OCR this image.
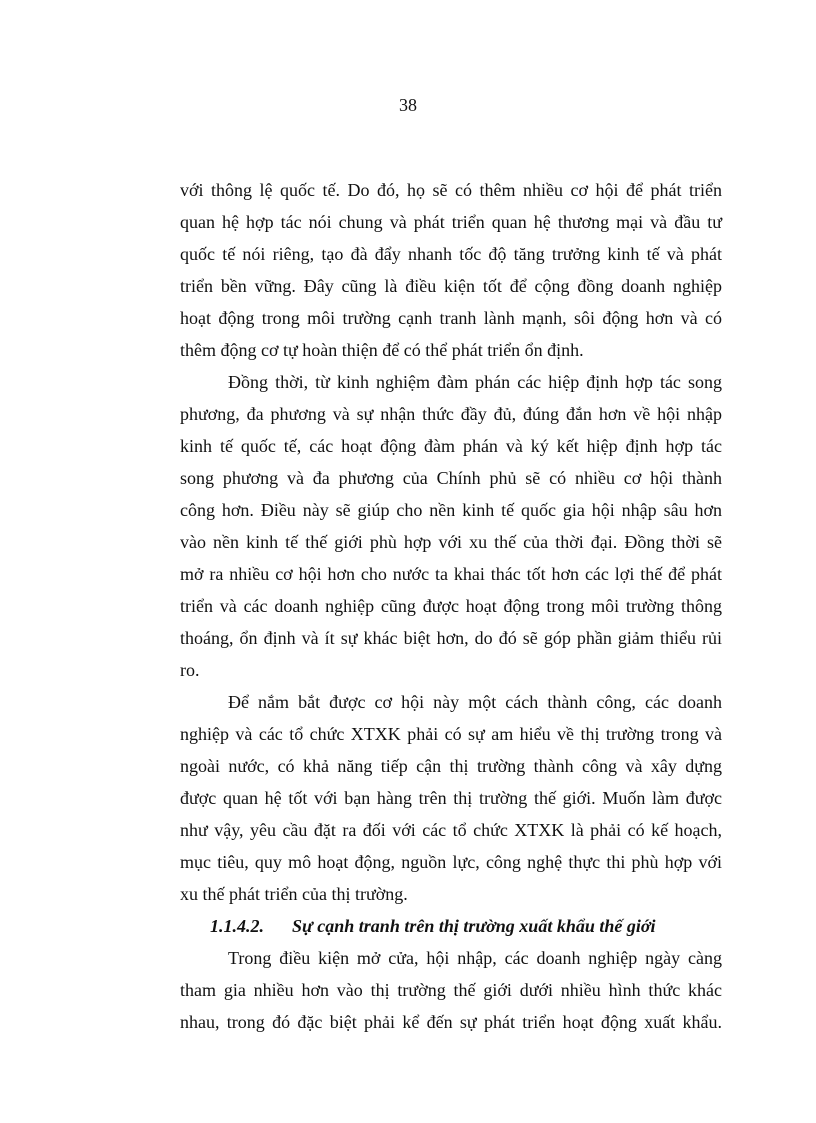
38
với thông lệ quốc tế. Do đó, họ sẽ có thêm nhiều cơ hội để phát triển
quan hệ hợp tác nói chung và phát triển quan hệ thương mại và đầu tư
quốc tế nói riêng, tạo đà đẩy nhanh tốc độ tăng trưởng kinh tế và phát
triển bền vững. Đây cũng là điều kiện tốt để cộng đồng doanh nghiệp
hoạt động trong môi trường cạnh tranh lành mạnh, sôi động hơn và có
thêm động cơ tự hoàn thiện để có thể phát triển ổn định.
Đồng thời, từ kinh nghiệm đàm phán các hiệp định hợp tác song
phương, đa phương và sự nhận thức đầy đủ, đúng đắn hơn về hội nhập
kinh tế quốc tế, các hoạt động đàm phán và ký kết hiệp định hợp tác
song phương và đa phương của Chính phủ sẽ có nhiều cơ hội thành
công hơn. Điều này sẽ giúp cho nền kinh tế quốc gia hội nhập sâu hơn
vào nền kinh tế thế giới phù hợp với xu thế của thời đại. Đồng thời sẽ
mở ra nhiều cơ hội hơn cho nước ta khai thác tốt hơn các lợi thế để phát
triển và các doanh nghiệp cũng được hoạt động trong môi trường thông
thoáng, ổn định và ít sự khác biệt hơn, do đó sẽ góp phần giảm thiểu rủi
ro.
Để nắm bắt được cơ hội này một cách thành công, các doanh
nghiệp và các tổ chức XTXK phải có sự am hiểu về thị trường trong và
ngoài nước, có khả năng tiếp cận thị trường thành công và xây dựng
được quan hệ tốt với bạn hàng trên thị trường thế giới. Muốn làm được
như vậy, yêu cầu đặt ra đối với các tổ chức XTXK là phải có kế hoạch,
mục tiêu, quy mô hoạt động, nguồn lực, công nghệ thực thi phù hợp với
xu thế phát triển của thị trường.
1.1.4.2. Sự cạnh tranh trên thị trường xuất khẩu thế giới
Trong điều kiện mở cửa, hội nhập, các doanh nghiệp ngày càng
tham gia nhiều hơn vào thị trường thế giới dưới nhiều hình thức khác
nhau, trong đó đặc biệt phải kể đến sự phát triển hoạt động xuất khẩu.
